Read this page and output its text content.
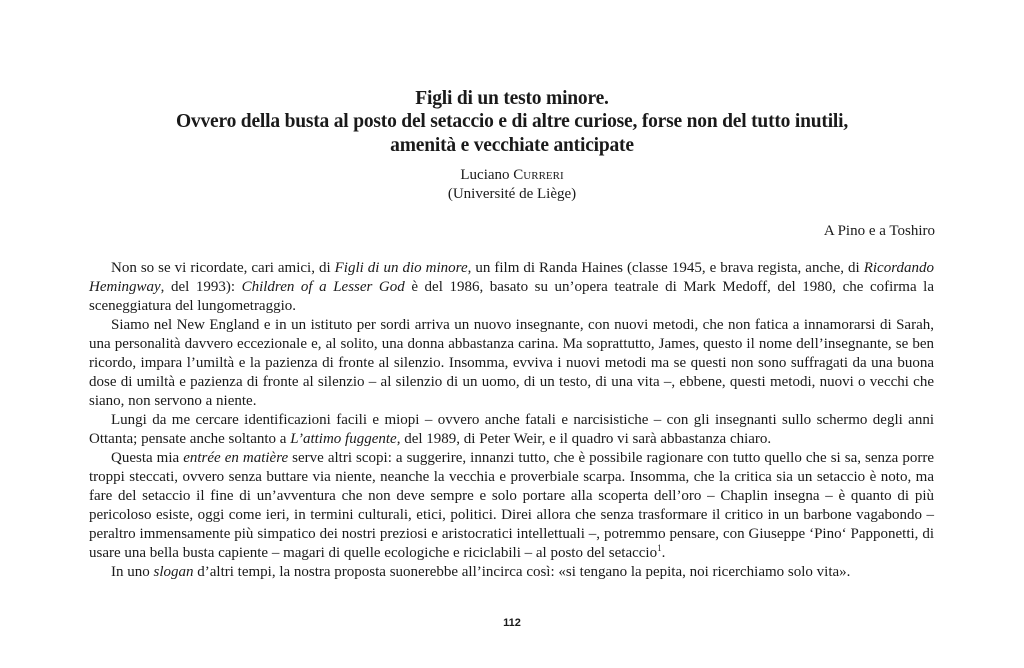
Figli di un testo minore.
Ovvero della busta al posto del setaccio e di altre curiose, forse non del tutto inutili,
amenità e vecchiate anticipate
Luciano Curreri
(Université de Liège)
A Pino e a Toshiro

Non so se vi ricordate, cari amici, di Figli di un dio minore, un film di Randa Haines (classe 1945, e brava regista, anche, di Ricordando Hemingway, del 1993): Children of a Lesser God è del 1986, basato su un’opera teatrale di Mark Medoff, del 1980, che cofirma la sceneggiatura del lungometraggio.

Siamo nel New England e in un istituto per sordi arriva un nuovo insegnante, con nuovi metodi, che non fatica a innamorarsi di Sarah, una personalità davvero eccezionale e, al solito, una donna abbastanza carina. Ma soprattutto, James, questo il nome dell’insegnante, se ben ricordo, impara l’umiltà e la pazienza di fronte al silenzio. Insomma, evviva i nuovi metodi ma se questi non sono suffragati da una buona dose di umiltà e pazienza di fronte al silenzio – al silenzio di un uomo, di un testo, di una vita –, ebbene, questi metodi, nuovi o vecchi che siano, non servono a niente.

Lungi da me cercare identificazioni facili e miopi – ovvero anche fatali e narcisistiche – con gli insegnanti sullo schermo degli anni Ottanta; pensate anche soltanto a L’attimo fuggente, del 1989, di Peter Weir, e il quadro vi sarà abbastanza chiaro.

Questa mia entrée en matière serve altri scopi: a suggerire, innanzi tutto, che è possibile ragionare con tutto quello che si sa, senza porre troppi steccati, ovvero senza buttare via niente, neanche la vecchia e proverbiale scarpa. Insomma, che la critica sia un setaccio è noto, ma fare del setaccio il fine di un’avventura che non deve sempre e solo portare alla scoperta dell’oro – Chaplin insegna – è quanto di più pericoloso esiste, oggi come ieri, in termini culturali, etici, politici. Direi allora che senza trasformare il critico in un barbone vagabondo – peraltro immensamente più simpatico dei nostri preziosi e aristocratici intellettuali –, potremmo pensare, con Giuseppe ‘Pino‘ Papponetti, di usare una bella busta capiente – magari di quelle ecologiche e riciclabili – al posto del setaccio$^1$.

In uno slogan d’altri tempi, la nostra proposta suonerebbe all’incirca così: «si tengano la pepita, noi ricerchiamo solo vita».

112
